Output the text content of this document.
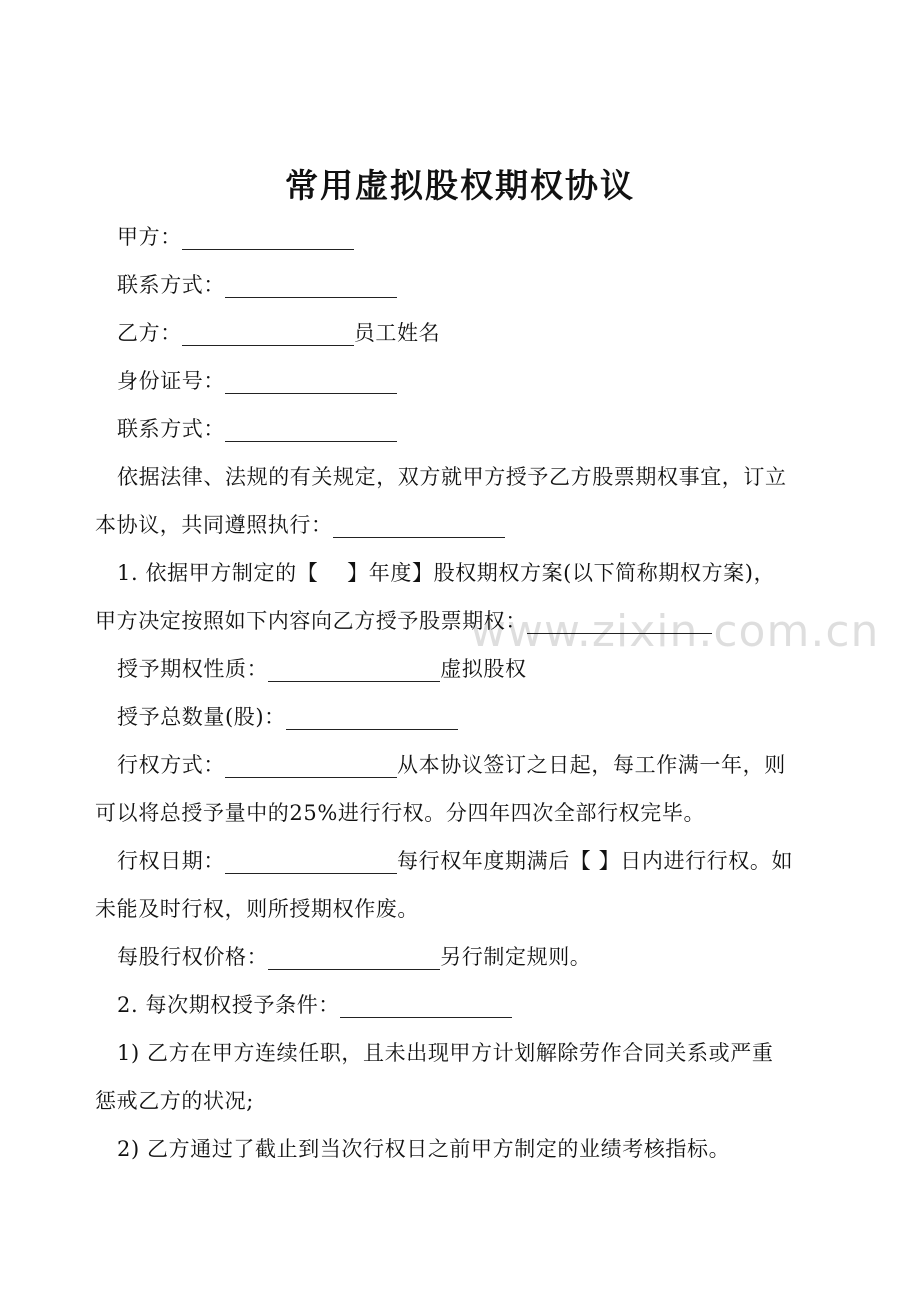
常用虚拟股权期权协议
甲方：
联系方式：
乙方：	员工姓名
身份证号：
联系方式：
依据法律、法规的有关规定，双方就甲方授予乙方股票期权事宜，订立
本协议，共同遵照执行：
1. 依据甲方制定的【　 】年度】股权期权方案(以下简称期权方案)，
甲方决定按照如下内容向乙方授予股票期权：
www.zixin.com.cn
授予期权性质：	虚拟股权
授予总数量(股)：
行权方式：	从本协议签订之日起，每工作满一年，则
可以将总授予量中的25%进行行权。分四年四次全部行权完毕。
行权日期：	每行权年度期满后【 】日内进行行权。如
未能及时行权，则所授期权作废。
每股行权价格：	另行制定规则。
2. 每次期权授予条件：
1) 乙方在甲方连续任职，且未出现甲方计划解除劳作合同关系或严重
惩戒乙方的状况;
2) 乙方通过了截止到当次行权日之前甲方制定的业绩考核指标。
